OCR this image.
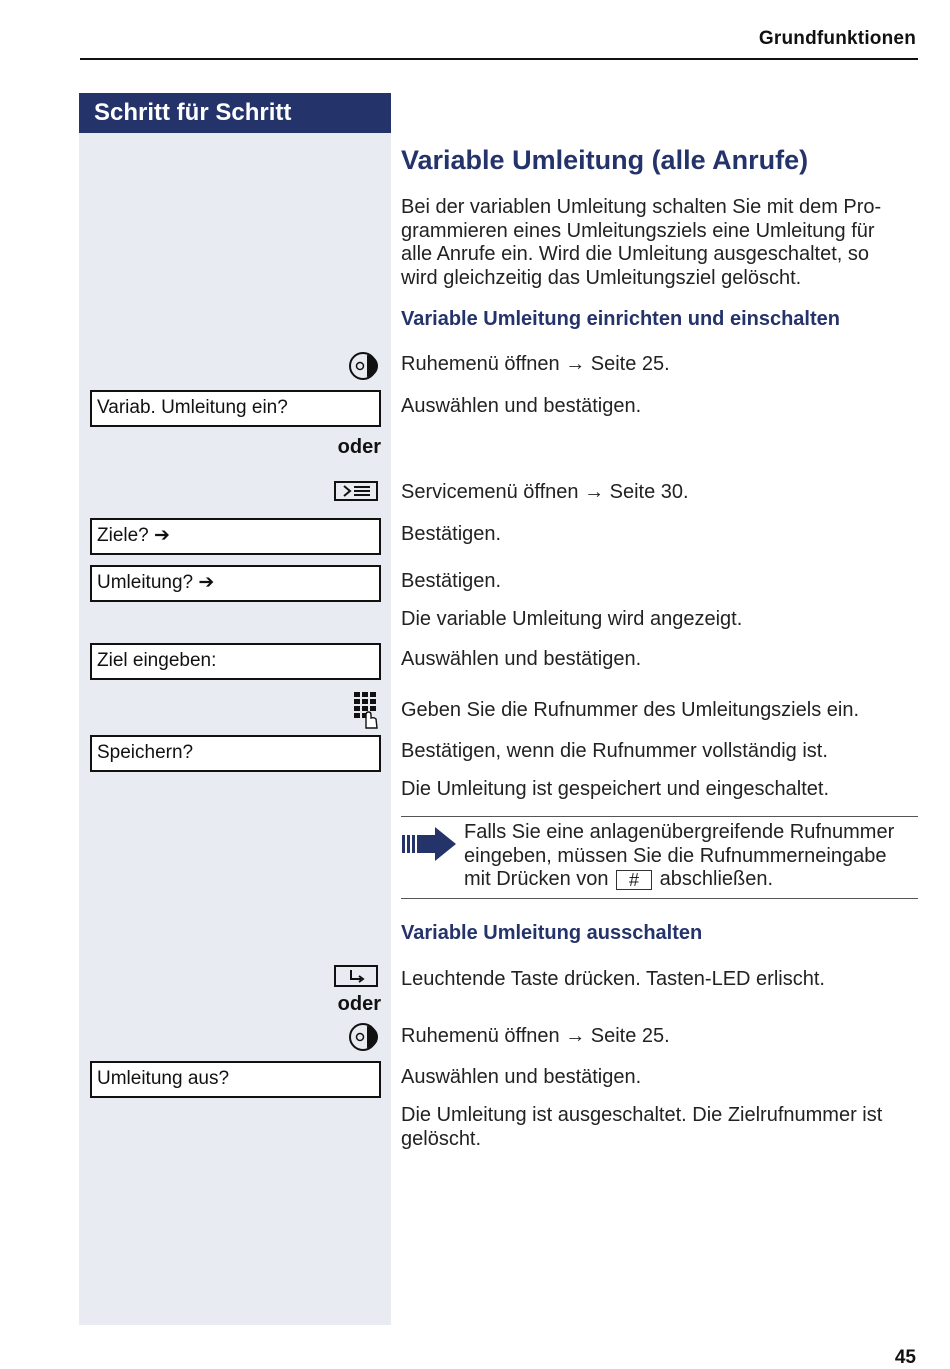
Grundfunktionen
Schritt für Schritt
Variable Umleitung (alle Anrufe)
Bei der variablen Umleitung schalten Sie mit dem Pro-
grammieren eines Umleitungsziels eine Umleitung für
alle Anrufe ein. Wird die Umleitung ausgeschaltet, so
wird gleichzeitig das Umleitungsziel gelöscht.
Variable Umleitung einrichten und einschalten
Ruhemenü öffnen → Seite 25.
Variab. Umleitung ein?	Auswählen und bestätigen.
oder
Servicemenü öffnen → Seite 30.
Ziele? ➔	Bestätigen.
Umleitung? ➔	Bestätigen.
Die variable Umleitung wird angezeigt.
Ziel eingeben:	Auswählen und bestätigen.
Geben Sie die Rufnummer des Umleitungsziels ein.
Speichern?	Bestätigen, wenn die Rufnummer vollständig ist.
Die Umleitung ist gespeichert und eingeschaltet.
Falls Sie eine anlagenübergreifende Rufnummer
eingeben, müssen Sie die Rufnummerneingabe
mit Drücken von # abschließen.
Variable Umleitung ausschalten
Leuchtende Taste drücken. Tasten-LED erlischt.
oder
Ruhemenü öffnen → Seite 25.
Umleitung aus?	Auswählen und bestätigen.
Die Umleitung ist ausgeschaltet. Die Zielrufnummer ist
gelöscht.
45
